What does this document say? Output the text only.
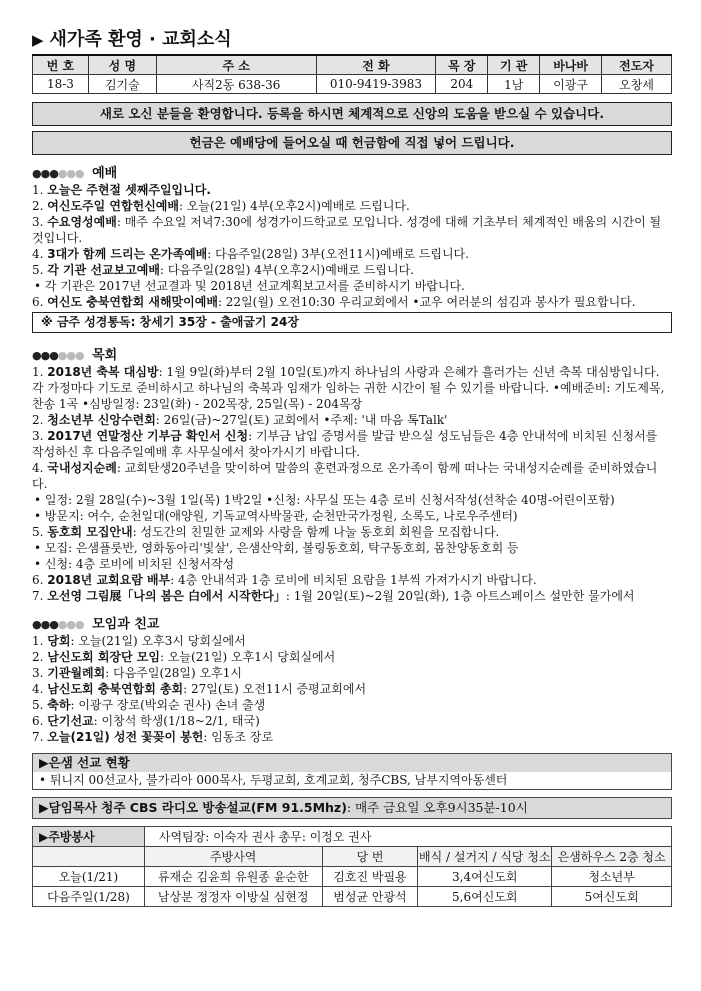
▶ 새가족 환영 · 교회소식
번 호	성 명	주 소	전 화	목 장	기 관	바나바	전도자
18-3	김기술	사직2동 638-36	010-9419-3983	204	1남	이광구	오창세
새로 오신 분들을 환영합니다. 등록을 하시면 체계적으로 신앙의 도움을 받으실 수 있습니다.
헌금은 예배당에 들어오실 때 헌금함에 직접 넣어 드립니다.
●●●●●● 예배

1. 오늘은 주현절 셋째주일입니다.

2. 여신도주일 연합헌신예배: 오늘(21일) 4부(오후2시)예배로 드립니다.

3. 수요영성예배: 매주 수요일 저녁7:30에 성경가이드학교로 모입니다. 성경에 대해 기초부터 체계적인 배움의 시간이 될 것입니다.

4. 3대가 함께 드리는 온가족예배: 다음주일(28일) 3부(오전11시)예배로 드립니다.

5. 각 기관 선교보고예배: 다음주일(28일) 4부(오후2시)예배로 드립니다.

• 각 기관은 2017년 선교결과 및 2018년 선교계획보고서를 준비하시기 바랍니다.

6. 여신도 충북연합회 새해맞이예배: 22일(월) 오전10:30 우리교회에서 •교우 여러분의 섬김과 봉사가 필요합니다.

※ 금주 성경통독: 창세기 35장 - 출애굽기 24장
●●●●●● 목회

1. 2018년 축복 대심방: 1월 9일(화)부터 2월 10일(토)까지 하나님의 사랑과 은혜가 흘러가는 신년 축복 대심방입니다. 각 가정마다 기도로 준비하시고 하나님의 축복과 임재가 임하는 귀한 시간이 될 수 있기를 바랍니다. •예배준비: 기도제목, 찬송 1곡 •심방일정: 23일(화) - 202목장, 25일(목) - 204목장

2. 청소년부 신앙수련회: 26일(금)~27일(토) 교회에서 •주제: '내 마음 톡Talk'

3. 2017년 연말정산 기부금 확인서 신청: 기부금 납입 증명서를 발급 받으실 성도님들은 4층 안내석에 비치된 신청서를 작성하신 후 다음주일예배 후 사무실에서 찾아가시기 바랍니다.

4. 국내성지순례: 교회탄생20주년을 맞이하여 말씀의 훈련과정으로 온가족이 함께 떠나는 국내성지순례를 준비하였습니다.

• 일정: 2월 28일(수)~3월 1일(목) 1박2일 •신청: 사무실 또는 4층 로비 신청서작성(선착순 40명-어린이포함)

• 방문지: 여수, 순천일대(애양원, 기독교역사박물관, 순천만국가정원, 소록도, 나로우주센터)

5. 동호회 모집안내: 성도간의 친밀한 교제와 사랑을 함께 나눌 동호회 회원을 모집합니다.

• 모집: 은샘플룻반, 영화동아리'빛살', 은샘산악회, 볼링동호회, 탁구동호회, 몸찬양동호회 등

• 신청: 4층 로비에 비치된 신청서작성

6. 2018년 교회요람 배부: 4층 안내석과 1층 로비에 비치된 요람을 1부씩 가져가시기 바랍니다.

7. 오선영 그림展「나의 봄은 白에서 시작한다」: 1월 20일(토)~2월 20일(화), 1층 아트스페이스 설만한 물가에서

●●●●●● 모임과 친교

1. 당회: 오늘(21일) 오후3시 당회실에서

2. 남신도회 회장단 모임: 오늘(21일) 오후1시 당회실에서

3. 기관월례회: 다음주일(28일) 오후1시

4. 남신도회 충북연합회 총회: 27일(토) 오전11시 증평교회에서

5. 축하: 이광구 장로(박외순 권사) 손녀 출생

6. 단기선교: 이창석 학생(1/18~2/1, 태국)

7. 오늘(21일) 성전 꽃꽂이 봉헌: 임동조 장로

▶은샘 선교 현황
• 튀니지 00선교사, 불가리아 000목사, 두평교회, 호계교회, 청주CBS, 남부지역아동센터
▶담임목사 청주 CBS 라디오 방송설교(FM 91.5Mhz): 매주 금요일 오후9시35분-10시
▶주방봉사	사역팀장: 이숙자 권사 총무: 이정오 권사			
	주방사역	당 번	배식 / 설거지 / 식당 청소	은샘하우스 2층 청소
오늘(1/21)	류재순 김윤희 유원종 윤순한	김호진 박필용	3,4여신도회	청소년부
다음주일(1/28)	남상분 정정자 이방실 심현정	범성균 안광석	5,6여신도회	5여신도회
